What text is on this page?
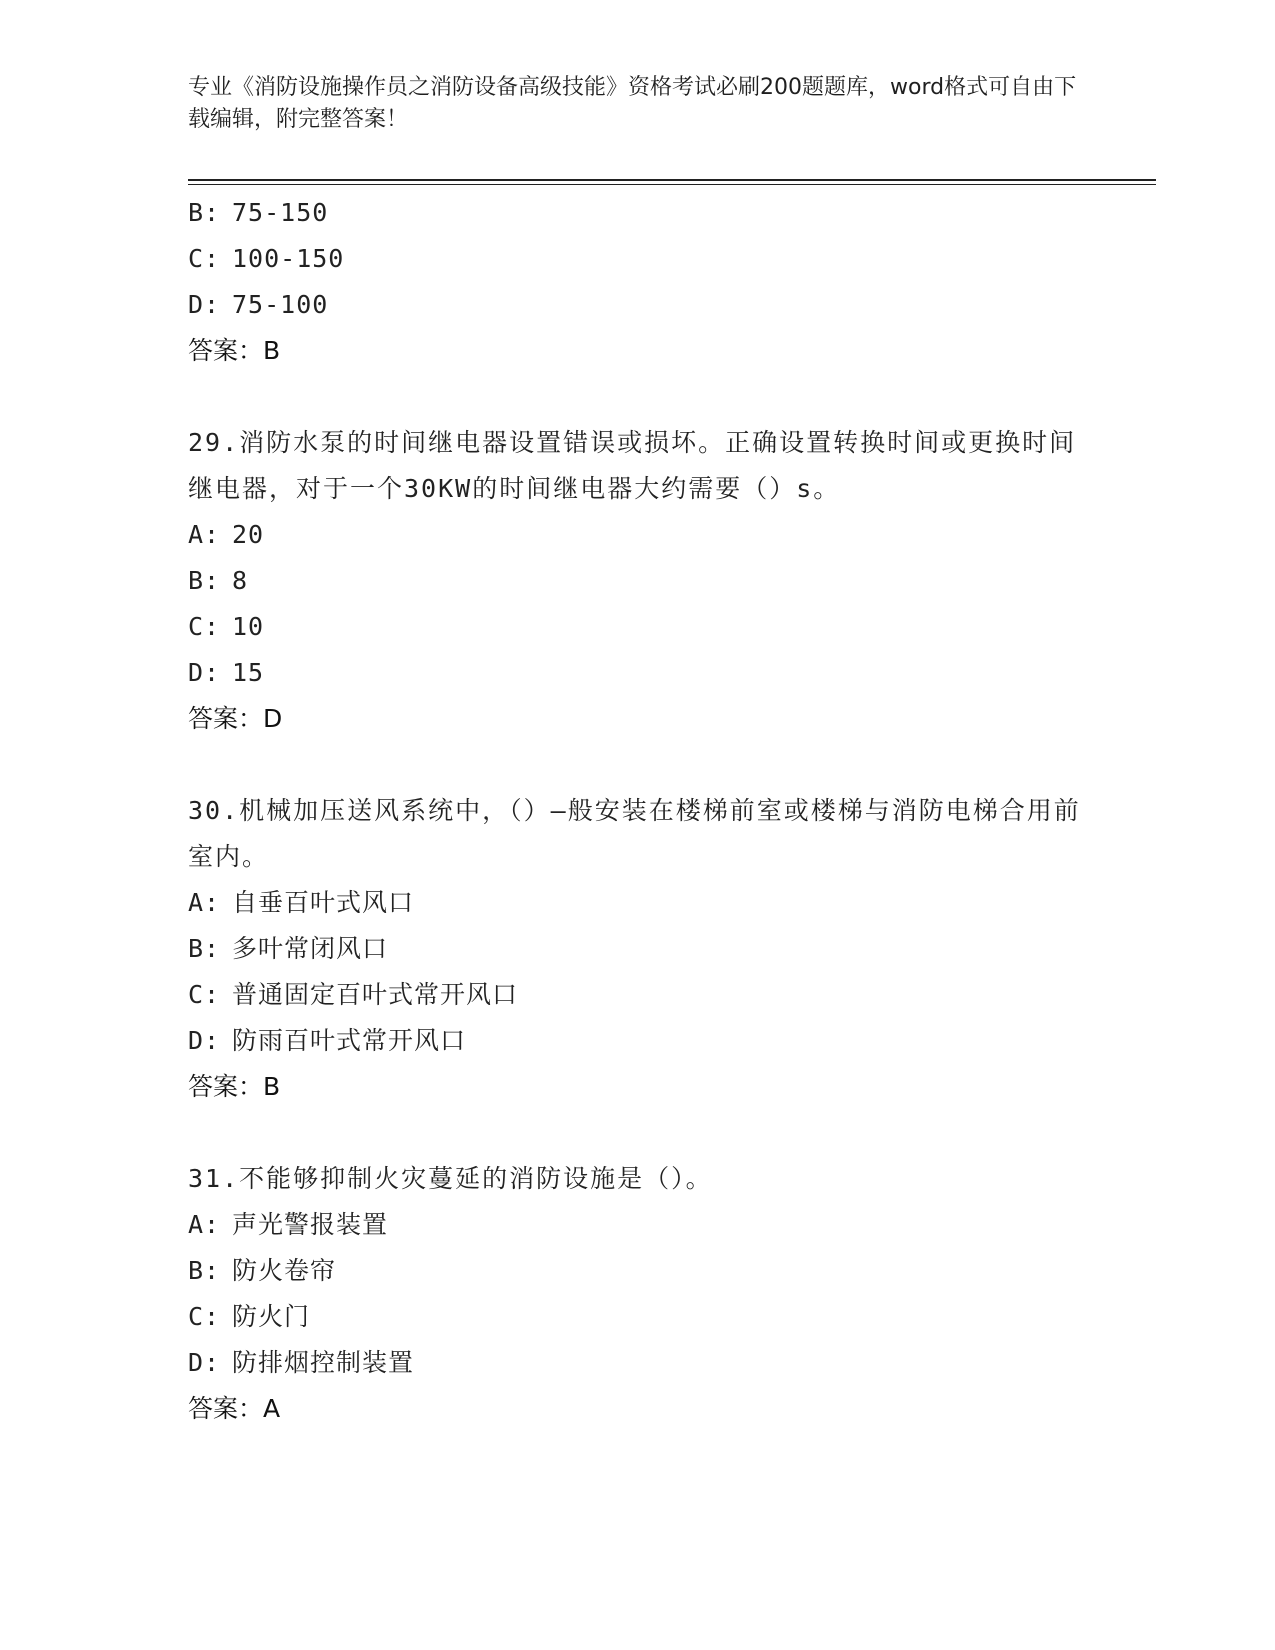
专业《消防设施操作员之消防设备高级技能》资格考试必刷200题题库，word格式可自由下载编辑，附完整答案！
B: 75-150
C: 100-150
D: 75-100
答案：B

29.消防水泵的时间继电器设置错误或损坏。正确设置转换时间或更换时间继电器，对于一个30KW的时间继电器大约需要（）s。

A: 20
B: 8
C: 10
D: 15
答案：D

30.机械加压送风系统中，（）—般安装在楼梯前室或楼梯与消防电梯合用前室内。

A: 自垂百叶式风口
B: 多叶常闭风口
C: 普通固定百叶式常开风口
D: 防雨百叶式常开风口
答案：B

31.不能够抑制火灾蔓延的消防设施是（）。

A: 声光警报装置
B: 防火卷帘
C: 防火门
D: 防排烟控制装置
答案：A
